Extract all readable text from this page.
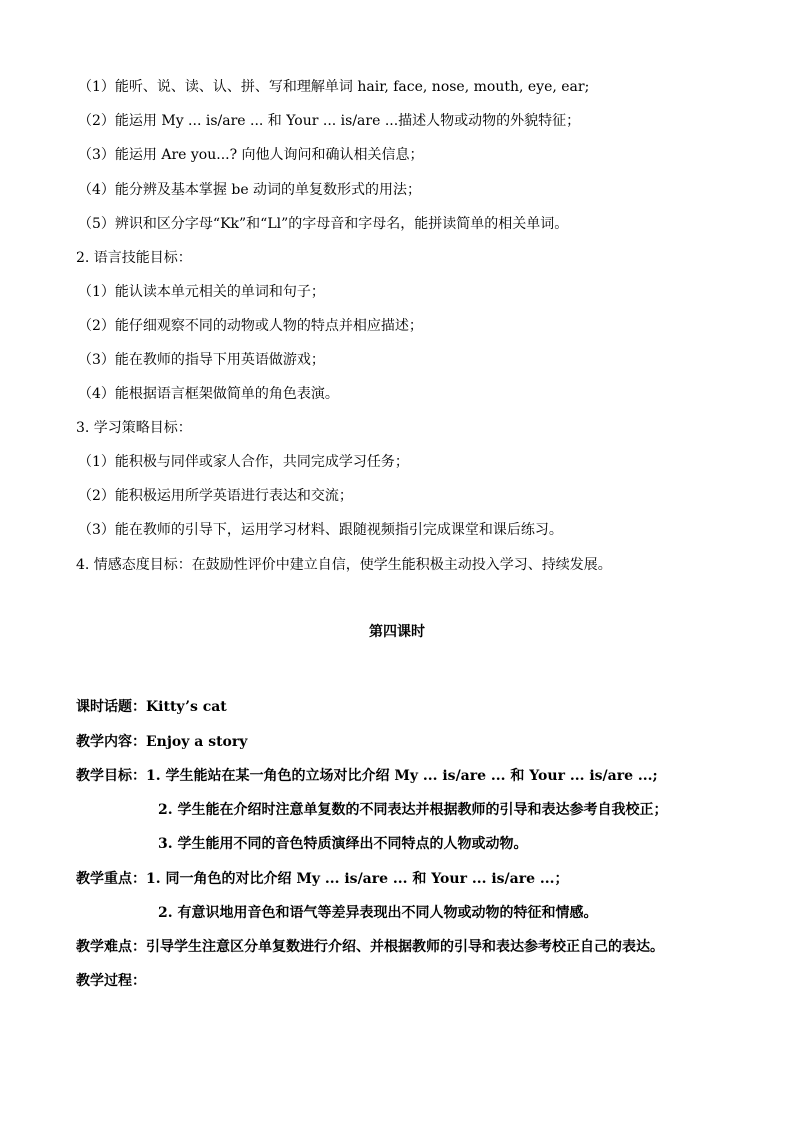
（1）能听、说、读、认、拼、写和理解单词 hair, face, nose, mouth, eye, ear;
（2）能运用 My ... is/are ... 和 Your ... is/are ...描述人物或动物的外貌特征；
（3）能运用 Are you...? 向他人询问和确认相关信息；
（4）能分辨及基本掌握 be 动词的单复数形式的用法；
（5）辨识和区分字母“Kk”和“Ll”的字母音和字母名，能拼读简单的相关单词。
2. 语言技能目标：
（1）能认读本单元相关的单词和句子；
（2）能仔细观察不同的动物或人物的特点并相应描述；
（3）能在教师的指导下用英语做游戏；
（4）能根据语言框架做简单的角色表演。
3. 学习策略目标：
（1）能积极与同伴或家人合作，共同完成学习任务；
（2）能积极运用所学英语进行表达和交流；
（3）能在教师的引导下，运用学习材料、跟随视频指引完成课堂和课后练习。
4. 情感态度目标：在鼓励性评价中建立自信，使学生能积极主动投入学习、持续发展。
第四课时
课时话题：Kitty’s cat
教学内容：Enjoy a story
教学目标：1. 学生能站在某一角色的立场对比介绍 My ... is/are ... 和 Your ... is/are ...;
2. 学生能在介绍时注意单复数的不同表达并根据教师的引导和表达参考自我校正；
3. 学生能用不同的音色特质演绎出不同特点的人物或动物。
教学重点：1. 同一角色的对比介绍 My ... is/are ... 和 Your ... is/are ...；
2. 有意识地用音色和语气等差异表现出不同人物或动物的特征和情感。
教学难点：引导学生注意区分单复数进行介绍、并根据教师的引导和表达参考校正自己的表达。
教学过程：
